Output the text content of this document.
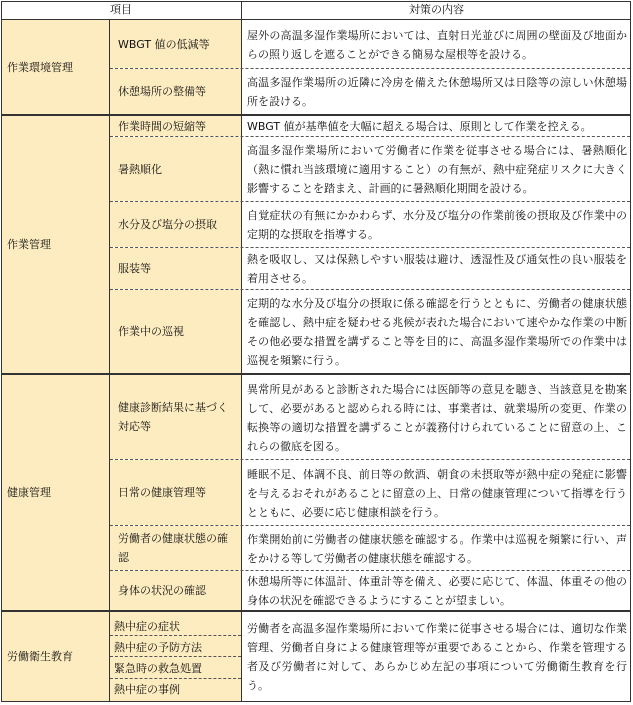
項目	対策の内容
作業環境管理
WBGT 値の低減等
屋外の高温多湿作業場所においては、直射日光並びに周囲の壁面及び地面からの照り返しを遮ることができる簡易な屋根等を設ける。
休憩場所の整備等
高温多湿作業場所の近隣に冷房を備えた休憩場所又は日陰等の涼しい休憩場所を設ける。
作業管理
作業時間の短縮等	WBGT 値が基準値を大幅に超える場合は、原則として作業を控える。
暑熱順化
高温多湿作業場所において労働者に作業を従事させる場合には、暑熱順化（熱に慣れ当該環境に適用すること）の有無が、熱中症発症リスクに大きく影響することを踏まえ、計画的に暑熱順化期間を設ける。
水分及び塩分の摂取
自覚症状の有無にかかわらず、水分及び塩分の作業前後の摂取及び作業中の定期的な摂取を指導する。
服装等
熱を吸収し、又は保熱しやすい服装は避け、透湿性及び通気性の良い服装を着用させる。
作業中の巡視
定期的な水分及び塩分の摂取に係る確認を行うとともに、労働者の健康状態を確認し、熱中症を疑わせる兆候が表れた場合において速やかな作業の中断その他必要な措置を講ずること等を目的に、高温多湿作業場所での作業中は巡視を頻繁に行う。
健康管理
健康診断結果に基づく対応等
異常所見があると診断された場合には医師等の意見を聴き、当該意見を勘案して、必要があると認められる時には、事業者は、就業場所の変更、作業の転換等の適切な措置を講ずることが義務付けられていることに留意の上、これらの徹底を図る。
日常の健康管理等
睡眠不足、体調不良、前日等の飲酒、朝食の未摂取等が熱中症の発症に影響を与えるおそれがあることに留意の上、日常の健康管理について指導を行うとともに、必要に応じ健康相談を行う。
労働者の健康状態の確認
作業開始前に労働者の健康状態を確認する。作業中は巡視を頻繁に行い、声をかける等して労働者の健康状態を確認する。
身体の状況の確認
休憩場所等に体温計、体重計等を備え、必要に応じて、体温、体重その他の身体の状況を確認できるようにすることが望ましい。
労働衛生教育
熱中症の症状
熱中症の予防方法
緊急時の救急処置
熱中症の事例
労働者を高温多湿作業場所において作業に従事させる場合には、適切な作業管理、労働者自身による健康管理等が重要であることから、作業を管理する者及び労働者に対して、あらかじめ左記の事項について労働衛生教育を行う。
